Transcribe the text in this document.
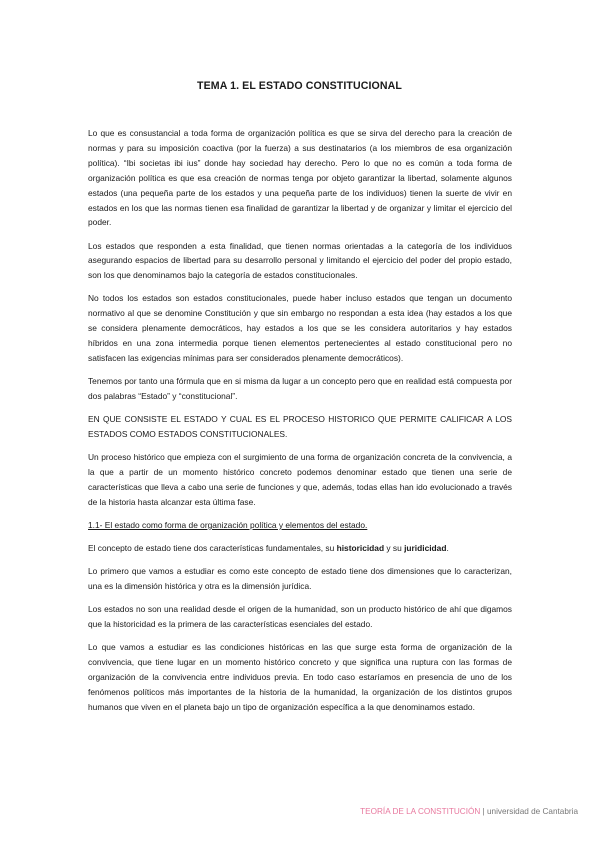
TEMA 1. EL ESTADO CONSTITUCIONAL

Lo que es consustancial a toda forma de organización política es que se sirva del derecho para la creación de normas y para su imposición coactiva (por la fuerza) a sus destinatarios (a los miembros de esa organización política). “Ibi societas ibi ius” donde hay sociedad hay derecho. Pero lo que no es común a toda forma de organización política es que esa creación de normas tenga por objeto garantizar la libertad, solamente algunos estados (una pequeña parte de los estados y una pequeña parte de los individuos) tienen la suerte de vivir en estados en los que las normas tienen esa finalidad de garantizar la libertad y de organizar y limitar el ejercicio del poder.

Los estados que responden a esta finalidad, que tienen normas orientadas a la categoría de los individuos asegurando espacios de libertad para su desarrollo personal y limitando el ejercicio del poder del propio estado, son los que denominamos bajo la categoría de estados constitucionales.

No todos los estados son estados constitucionales, puede haber incluso estados que tengan un documento normativo al que se denomine Constitución y que sin embargo no respondan a esta idea (hay estados a los que se considera plenamente democráticos, hay estados a los que se les considera autoritarios y hay estados híbridos en una zona intermedia porque tienen elementos pertenecientes al estado constitucional pero no satisfacen las exigencias mínimas para ser considerados plenamente democráticos).

Tenemos por tanto una fórmula que en si misma da lugar a un concepto pero que en realidad está compuesta por dos palabras “Estado” y “constitucional”.

EN QUE CONSISTE EL ESTADO Y CUAL ES EL PROCESO HISTORICO QUE PERMITE CALIFICAR A LOS ESTADOS COMO ESTADOS CONSTITUCIONALES.

Un proceso histórico que empieza con el surgimiento de una forma de organización concreta de la convivencia, a la que a partir de un momento histórico concreto podemos denominar estado que tienen una serie de características que lleva a cabo una serie de funciones y que, además, todas ellas han ido evolucionado a través de la historia hasta alcanzar esta última fase.

1.1- El estado como forma de organización política y elementos del estado.

El concepto de estado tiene dos características fundamentales, su historicidad y su juridicidad.

Lo primero que vamos a estudiar es como este concepto de estado tiene dos dimensiones que lo caracterizan, una es la dimensión histórica y otra es la dimensión jurídica.

Los estados no son una realidad desde el origen de la humanidad, son un producto histórico de ahí que digamos que la historicidad es la primera de las características esenciales del estado.

Lo que vamos a estudiar es las condiciones históricas en las que surge esta forma de organización de la convivencia, que tiene lugar en un momento histórico concreto y que significa una ruptura con las formas de organización de la convivencia entre individuos previa. En todo caso estaríamos en presencia de uno de los fenómenos políticos más importantes de la historia de la humanidad, la organización de los distintos grupos humanos que viven en el planeta bajo un tipo de organización específica a la que denominamos estado.

TEORÍA DE LA CONSTITUCIÓN | universidad de Cantabria
